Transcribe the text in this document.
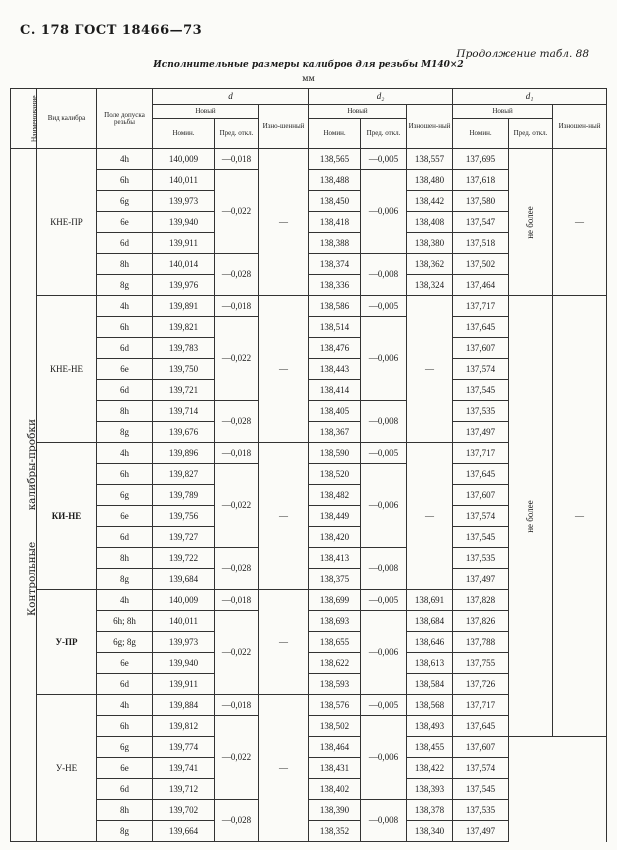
С. 178 ГОСТ 18466—73
Продолжение табл. 88
Исполнительные размеры калибров для резьбы М140×2
мм
Наименование	Вид калибра	Поле допуска резьбы	d			d₂			d₁			
			Новый		Изно-шенный	Новый		Изношен-ный	Новый		Изношен-ный	
			Номин.	Пред. откл.		Номин.	Пред. откл.		Номин.	Пред. откл.		
	КНЕ-ПР	4h	140,009	—0,018	—	138,565	—0,005	138,557	137,695	не более	—	
		6h	140,011	—0,022		138,488	—0,006	138,480	137,618			
		6g	139,973			138,450		138,442	137,580			
		6e	139,940			138,418		138,408	137,547			
		6d	139,911			138,388		138,380	137,518			
		8h	140,014	—0,028		138,374	—0,008	138,362	137,502			
		8g	139,976			138,336		138,324	137,464			
	КНЕ-НЕ	4h	139,891	—0,018	—	138,586	—0,005	—	137,717	не более	—	
		6h	139,821	—0,022		138,514	—0,006		137,645			
		6d	139,783			138,476			137,607			
		6e	139,750			138,443			137,574			
		6d	139,721			138,414			137,545			
		8h	139,714	—0,028		138,405	—0,008		137,535			
		8g	139,676			138,367			137,497			
	КИ-НЕ	4h	139,896	—0,018	—	138,590	—0,005	—	137,717			
		6h	139,827	—0,022		138,520	—0,006		137,645			
		6g	139,789			138,482			137,607			
		6e	139,756			138,449			137,574			
		6d	139,727			138,420			137,545			
		8h	139,722	—0,028		138,413	—0,008		137,535			
		8g	139,684			138,375			137,497			
	У-ПР	4h	140,009	—0,018	—	138,699	—0,005	138,691	137,828			
		6h; 8h	140,011	—0,022		138,693	—0,006	138,684	137,826			
		6g; 8g	139,973			138,655		138,646	137,788			
		6e	139,940			138,622		138,613	137,755			
		6d	139,911			138,593		138,584	137,726			
	У-НЕ	4h	139,884	—0,018	—	138,576	—0,005	138,568	137,717		
		6h	139,812	—0,022		138,502	—0,006	138,493	137,645			
		6g	139,774			138,464		138,455	137,607			
		6e	139,741			138,431		138,422	137,574			
		6d	139,712			138,402		138,393	137,545			
		8h	139,702	—0,028		138,390	—0,008	138,378	137,535			
		8g	139,664			138,352		138,340	137,497			
Контрольные калибры-пробки
